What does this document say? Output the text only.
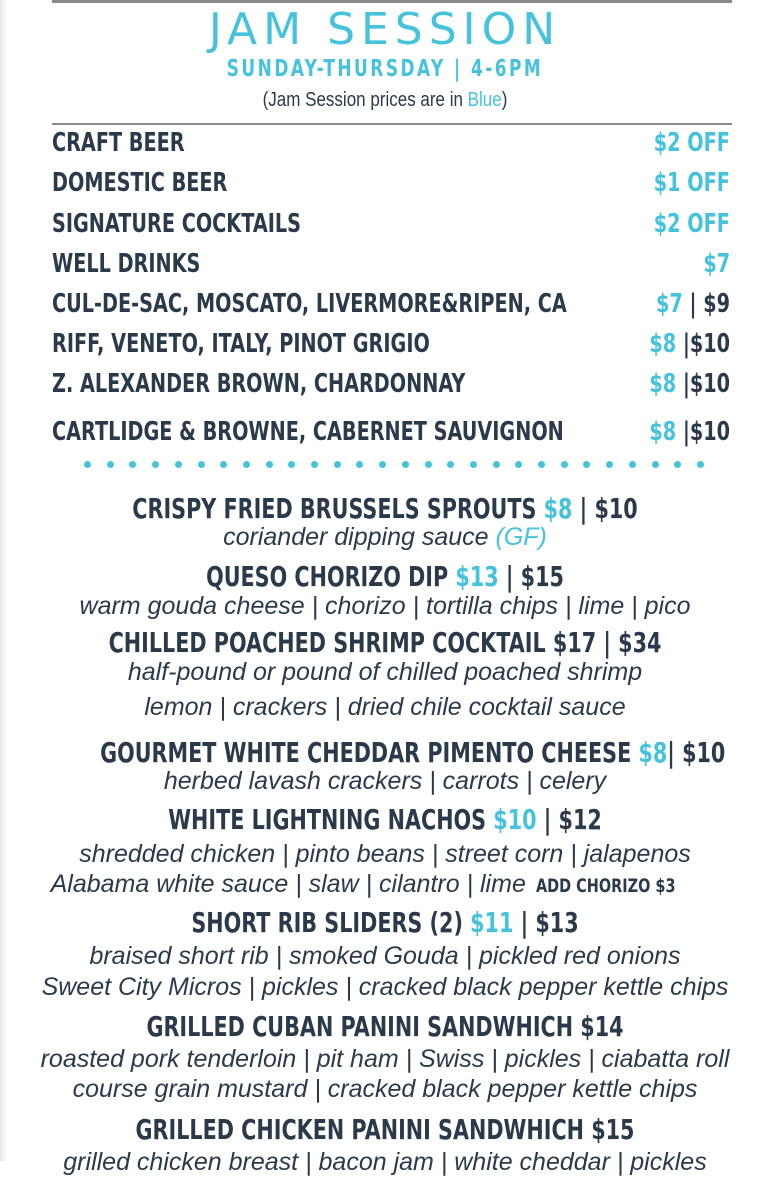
JAM SESSION
SUNDAY-THURSDAY | 4-6PM
(Jam Session prices are in Blue)
CRAFT BEER	$2 OFF
DOMESTIC BEER	$1 OFF
SIGNATURE COCKTAILS	$2 OFF
WELL DRINKS	$7
CUL-DE-SAC, MOSCATO, LIVERMORE&RIPEN, CA	$7 | $9
RIFF, VENETO, ITALY, PINOT GRIGIO	$8 |$10
Z. ALEXANDER BROWN, CHARDONNAY	$8 |$10
CARTLIDGE & BROWNE, CABERNET SAUVIGNON	$8 |$10
CRISPY FRIED BRUSSELS SPROUTS $8 | $10
coriander dipping sauce (GF)
QUESO CHORIZO DIP $13 | $15
warm gouda cheese | chorizo | tortilla chips | lime | pico
CHILLED POACHED SHRIMP COCKTAIL $17 | $34
half-pound or pound of chilled poached shrimp
lemon | crackers | dried chile cocktail sauce
GOURMET WHITE CHEDDAR PIMENTO CHEESE $8| $10
herbed lavash crackers | carrots | celery
WHITE LIGHTNING NACHOS $10 | $12
shredded chicken | pinto beans | street corn | jalapenos
Alabama white sauce | slaw | cilantro | lime ADD CHORIZO $3
SHORT RIB SLIDERS (2) $11 | $13
braised short rib | smoked Gouda | pickled red onions
Sweet City Micros | pickles | cracked black pepper kettle chips
GRILLED CUBAN PANINI SANDWHICH $14
roasted pork tenderloin | pit ham | Swiss | pickles | ciabatta roll
course grain mustard | cracked black pepper kettle chips
GRILLED CHICKEN PANINI SANDWHICH $15
grilled chicken breast | bacon jam | white cheddar | pickles
